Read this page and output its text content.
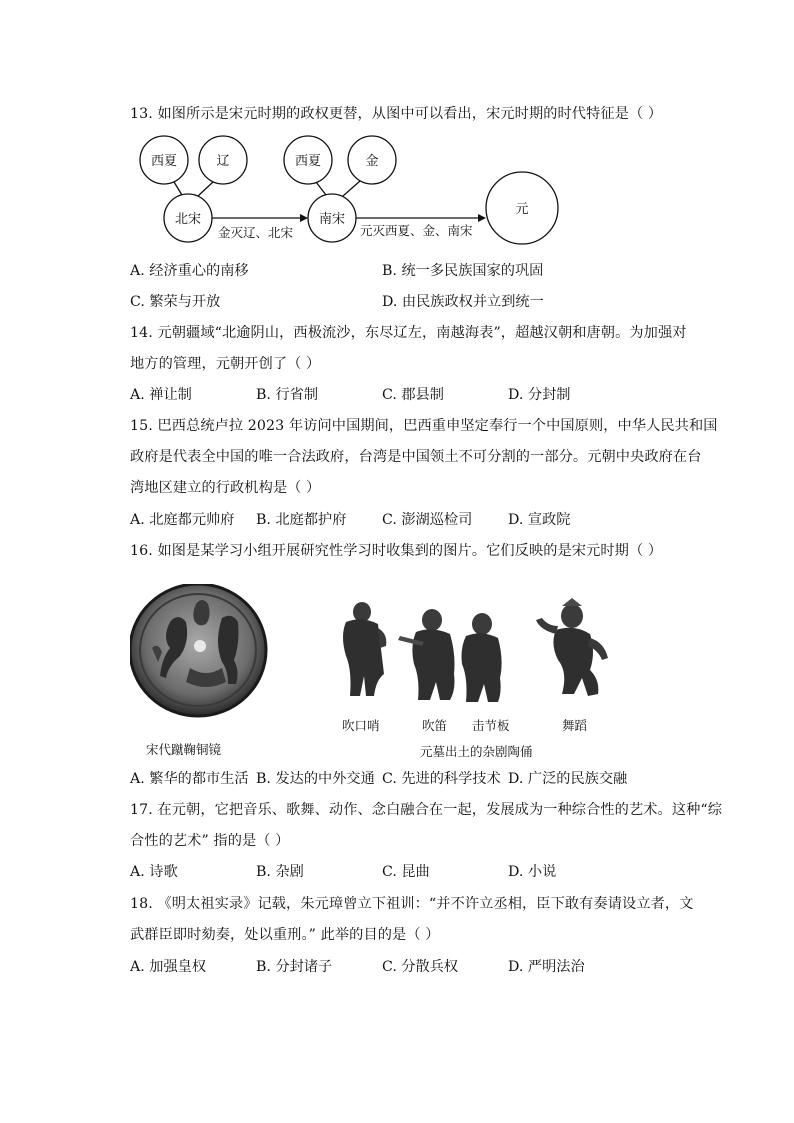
13. 如图所示是宋元时期的政权更替，从图中可以看出，宋元时期的时代特征是（ ）
西夏	辽
北宋
西夏	金
南宋
元
金灭辽、北宋	元灭西夏、金、南宋
A. 经济重心的南移	B. 统一多民族国家的巩固
C. 繁荣与开放	D. 由民族政权并立到统一
14. 元朝疆域“北逾阴山，西极流沙，东尽辽左，南越海表”，超越汉朝和唐朝。为加强对
地方的管理，元朝开创了（ ）
A. 禅让制	B. 行省制	C. 郡县制	D. 分封制
15. 巴西总统卢拉 2023 年访问中国期间，巴西重申坚定奉行一个中国原则，中华人民共和国
政府是代表全中国的唯一合法政府，台湾是中国领土不可分割的一部分。元朝中央政府在台
湾地区建立的行政机构是（ ）
A. 北庭都元帅府 B. 北庭都护府	C. 澎湖巡检司	D. 宣政院
16. 如图是某学习小组开展研究性学习时收集到的图片。它们反映的是宋元时期（ ）
宋代蹴鞠铜镜
吹口哨	吹笛 击节板	舞蹈
元墓出土的杂剧陶俑
A. 繁华的都市生活 B. 发达的中外交通 C. 先进的科学技术 D. 广泛的民族交融
17. 在元朝，它把音乐、歌舞、动作、念白融合在一起，发展成为一种综合性的艺术。这种“综
合性的艺术” 指的是（ ）
A. 诗歌	B. 杂剧	C. 昆曲	D. 小说
18. 《明太祖实录》记载，朱元璋曾立下祖训：“并不许立丞相，臣下敢有奏请设立者，文
武群臣即时劾奏，处以重刑。” 此举的目的是（ ）
A. 加强皇权	B. 分封诸子	C. 分散兵权	D. 严明法治
